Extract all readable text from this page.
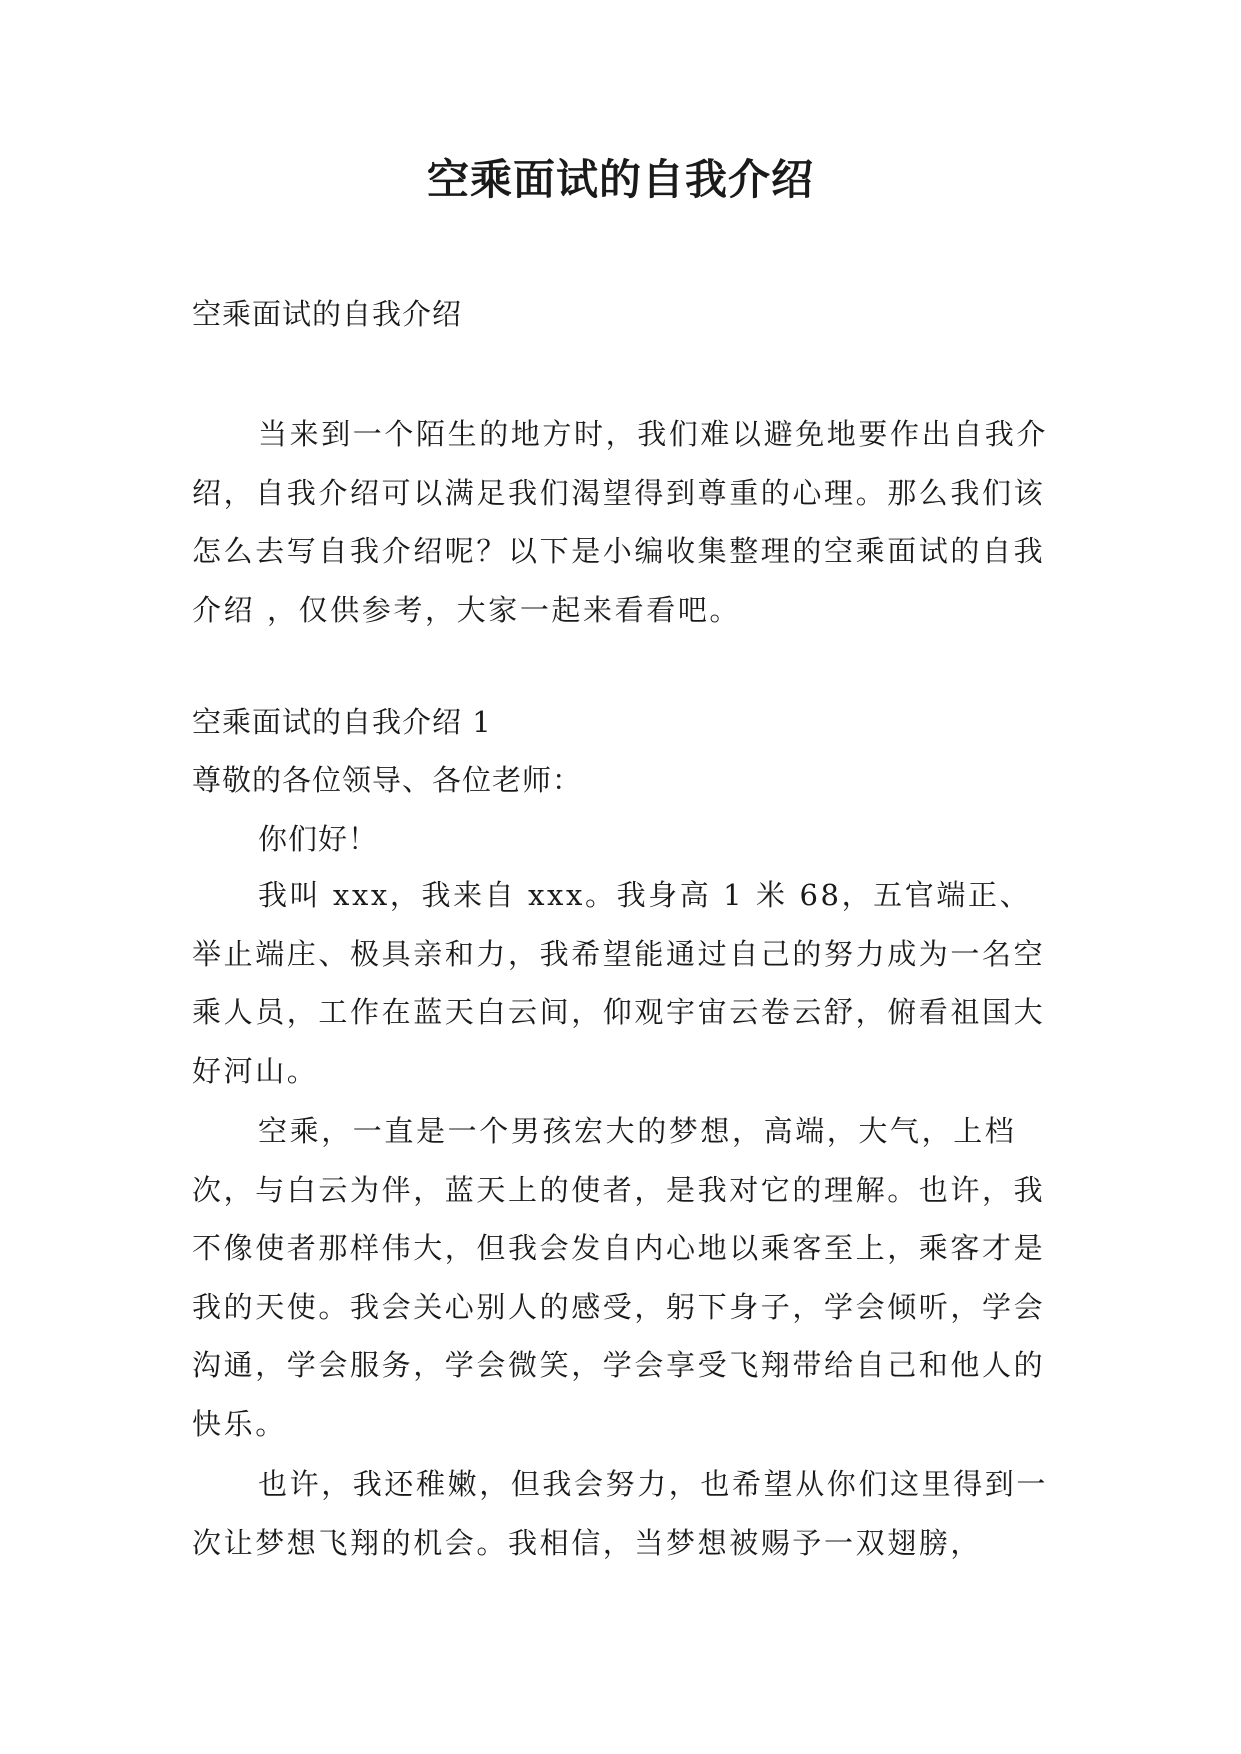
空乘面试的自我介绍

空乘面试的自我介绍

当来到一个陌生的地方时，我们难以避免地要作出自我介绍，自我介绍可以满足我们渴望得到尊重的心理。那么我们该怎么去写自我介绍呢？以下是小编收集整理的空乘面试的自我介绍 ，仅供参考，大家一起来看看吧。

空乘面试的自我介绍 1

尊敬的各位领导、各位老师：

你们好！

我叫 xxx，我来自 xxx。我身高 1 米 68，五官端正、举止端庄、极具亲和力，我希望能通过自己的努力成为一名空乘人员，工作在蓝天白云间，仰观宇宙云卷云舒，俯看祖国大好河山。

空乘，一直是一个男孩宏大的梦想，高端，大气，上档次，与白云为伴，蓝天上的使者，是我对它的理解。也许，我不像使者那样伟大，但我会发自内心地以乘客至上，乘客才是我的天使。我会关心别人的感受，躬下身子，学会倾听，学会沟通，学会服务，学会微笑，学会享受飞翔带给自己和他人的快乐。

也许，我还稚嫩，但我会努力，也希望从你们这里得到一次让梦想飞翔的机会。我相信，当梦想被赐予一双翅膀，
